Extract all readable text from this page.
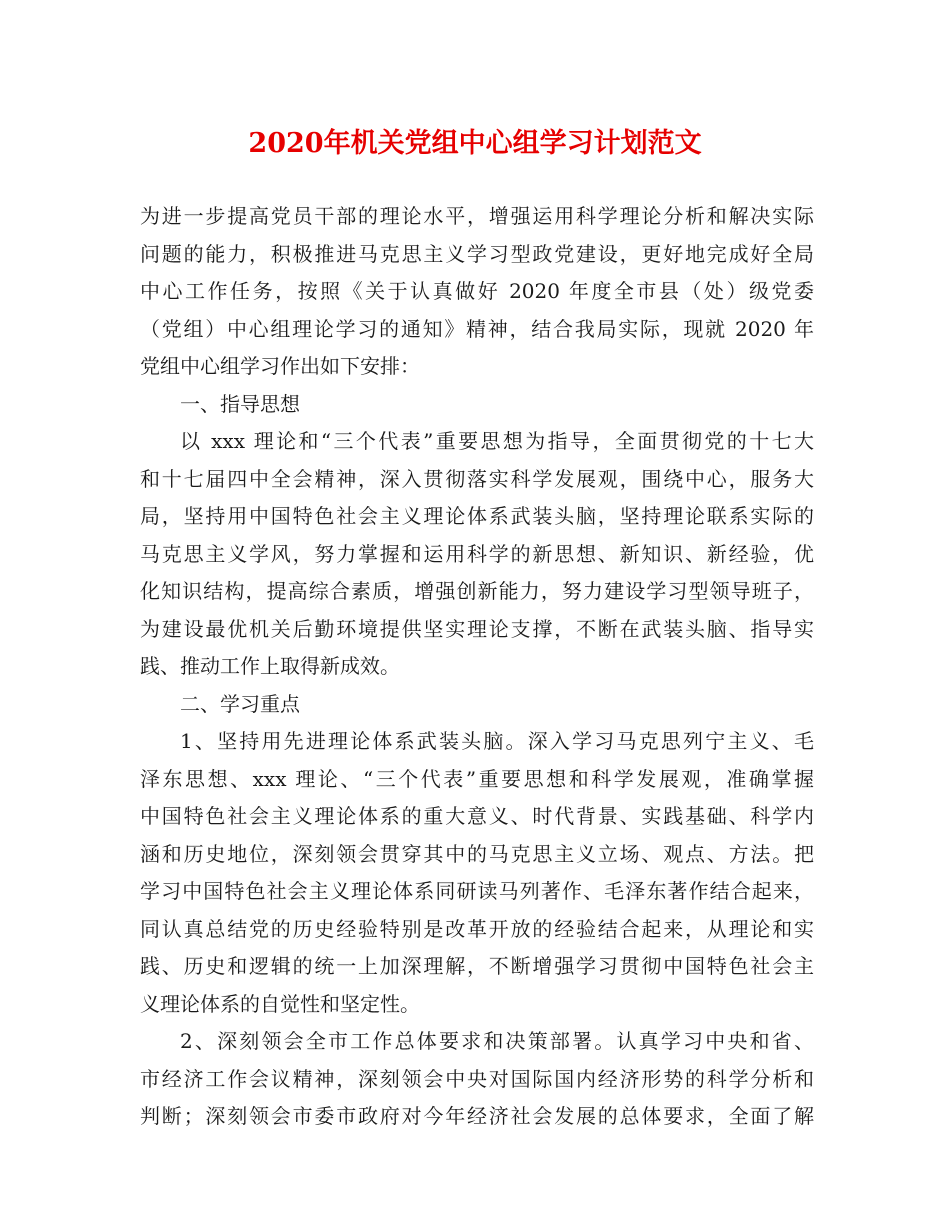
2020年机关党组中心组学习计划范文
为进一步提高党员干部的理论水平，增强运用科学理论分析和解决实际
问题的能力，积极推进马克思主义学习型政党建设，更好地完成好全局
中心工作任务，按照《关于认真做好 2020 年度全市县（处）级党委
（党组）中心组理论学习的通知》精神，结合我局实际，现就 2020 年
党组中心组学习作出如下安排：
一、指导思想
以 xxx 理论和“三个代表”重要思想为指导，全面贯彻党的十七大
和十七届四中全会精神，深入贯彻落实科学发展观，围绕中心，服务大
局，坚持用中国特色社会主义理论体系武装头脑，坚持理论联系实际的
马克思主义学风，努力掌握和运用科学的新思想、新知识、新经验，优
化知识结构，提高综合素质，增强创新能力，努力建设学习型领导班子，
为建设最优机关后勤环境提供坚实理论支撑，不断在武装头脑、指导实
践、推动工作上取得新成效。
二、学习重点
1、坚持用先进理论体系武装头脑。深入学习马克思列宁主义、毛
泽东思想、xxx 理论、“三个代表”重要思想和科学发展观，准确掌握
中国特色社会主义理论体系的重大意义、时代背景、实践基础、科学内
涵和历史地位，深刻领会贯穿其中的马克思主义立场、观点、方法。把
学习中国特色社会主义理论体系同研读马列著作、毛泽东著作结合起来，
同认真总结党的历史经验特别是改革开放的经验结合起来，从理论和实
践、历史和逻辑的统一上加深理解，不断增强学习贯彻中国特色社会主
义理论体系的自觉性和坚定性。
2、深刻领会全市工作总体要求和决策部署。认真学习中央和省、
市经济工作会议精神，深刻领会中央对国际国内经济形势的科学分析和
判断；深刻领会市委市政府对今年经济社会发展的总体要求，全面了解
